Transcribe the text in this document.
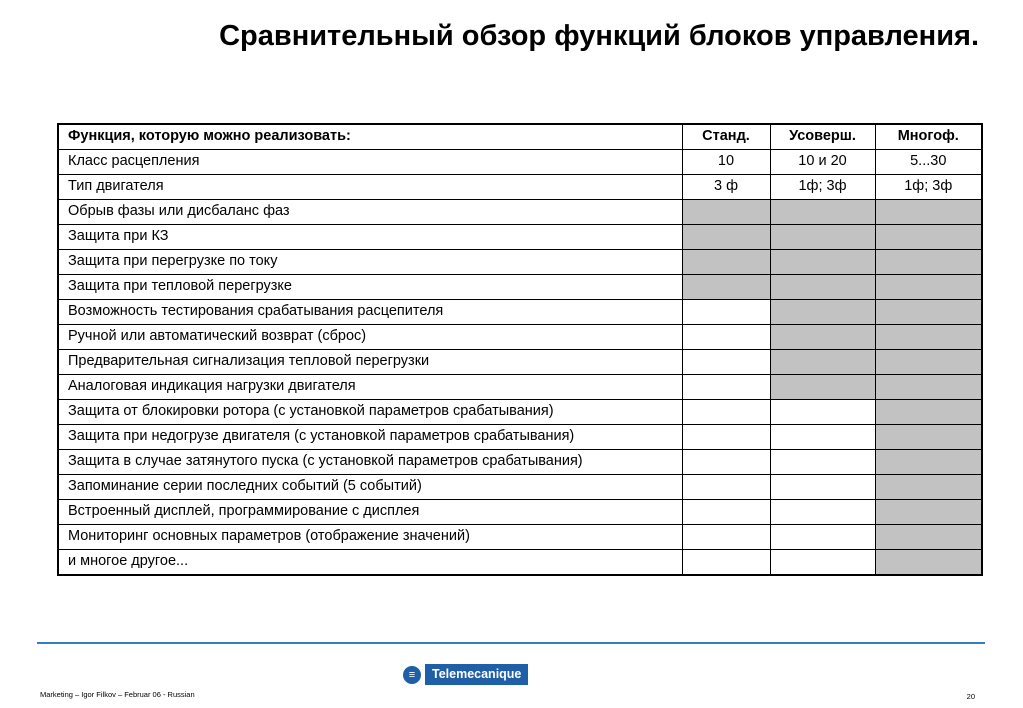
Сравнительный обзор функций блоков управления.
Функция, которую можно реализовать:	Станд.	Усоверш.	Многоф.
Класс расцепления	10	10 и 20	5...30
Тип двигателя	3 ф	1ф; 3ф	1ф; 3ф
Обрыв фазы или дисбаланс фаз			
Защита при КЗ			
Защита при перегрузке по току			
Защита при тепловой перегрузке			
Возможность тестирования срабатывания расцепителя			
Ручной или автоматический возврат (сброс)			
Предварительная сигнализация тепловой перегрузки			
Аналоговая индикация нагрузки двигателя			
Защита от блокировки ротора (с установкой параметров срабатывания)			
Защита при недогрузе двигателя (с установкой параметров срабатывания)			
Защита в случае затянутого пуска (с установкой параметров срабатывания)			
Запоминание серии последних событий (5 событий)			
Встроенный дисплей, программирование с дисплея			
Мониторинг основных параметров (отображение значений)			
и многое другое...			
≡	Telemecanique
Marketing – Igor Filkov – Februar 06 - Russian	20
